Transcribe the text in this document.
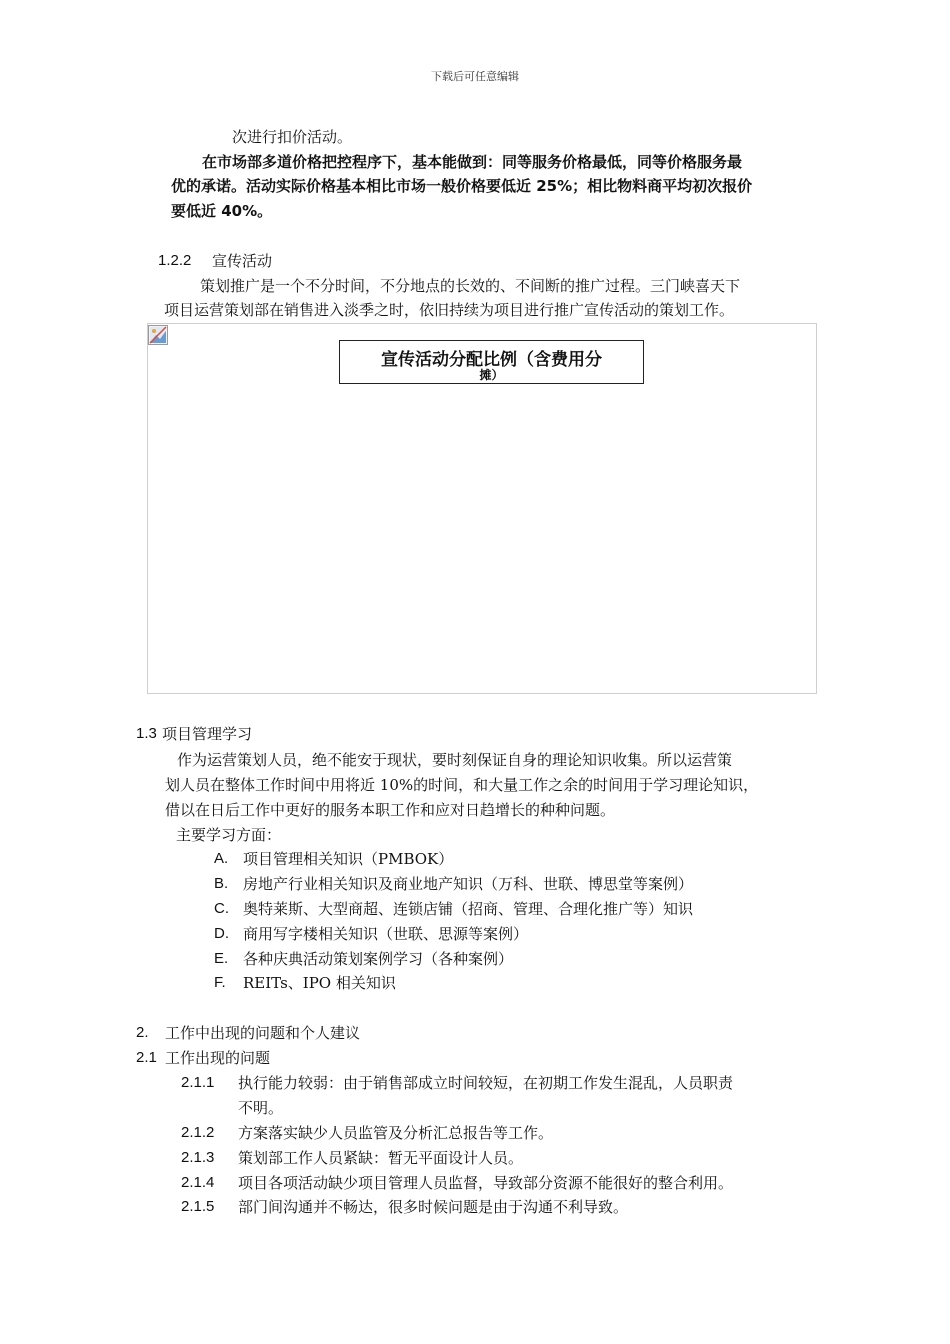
下载后可任意编辑
次进行扣价活动。
在市场部多道价格把控程序下，基本能做到：同等服务价格最低，同等价格服务最
优的承诺。活动实际价格基本相比市场一般价格要低近 25%；相比物料商平均初次报价
要低近 40%。
1.2.2 宣传活动
策划推广是一个不分时间，不分地点的长效的、不间断的推广过程。三门峡喜天下
项目运营策划部在销售进入淡季之时，依旧持续为项目进行推广宣传活动的策划工作。
宣传活动分配比例（含费用分
摊）
1.3 项目管理学习
作为运营策划人员，绝不能安于现状，要时刻保证自身的理论知识收集。所以运营策
划人员在整体工作时间中用将近 10%的时间，和大量工作之余的时间用于学习理论知识，
借以在日后工作中更好的服务本职工作和应对日趋增长的种种问题。
主要学习方面：
A. 项目管理相关知识（PMBOK）
B. 房地产行业相关知识及商业地产知识（万科、世联、博思堂等案例）
C. 奥特莱斯、大型商超、连锁店铺（招商、管理、合理化推广等）知识
D. 商用写字楼相关知识（世联、思源等案例）
E. 各种庆典活动策划案例学习（各种案例）
F. REITs、IPO 相关知识
2. 工作中出现的问题和个人建议
2.1 工作出现的问题
2.1.1 执行能力较弱：由于销售部成立时间较短，在初期工作发生混乱，人员职责
不明。
2.1.2 方案落实缺少人员监管及分析汇总报告等工作。
2.1.3 策划部工作人员紧缺：暂无平面设计人员。
2.1.4 项目各项活动缺少项目管理人员监督，导致部分资源不能很好的整合利用。
2.1.5 部门间沟通并不畅达，很多时候问题是由于沟通不利导致。
